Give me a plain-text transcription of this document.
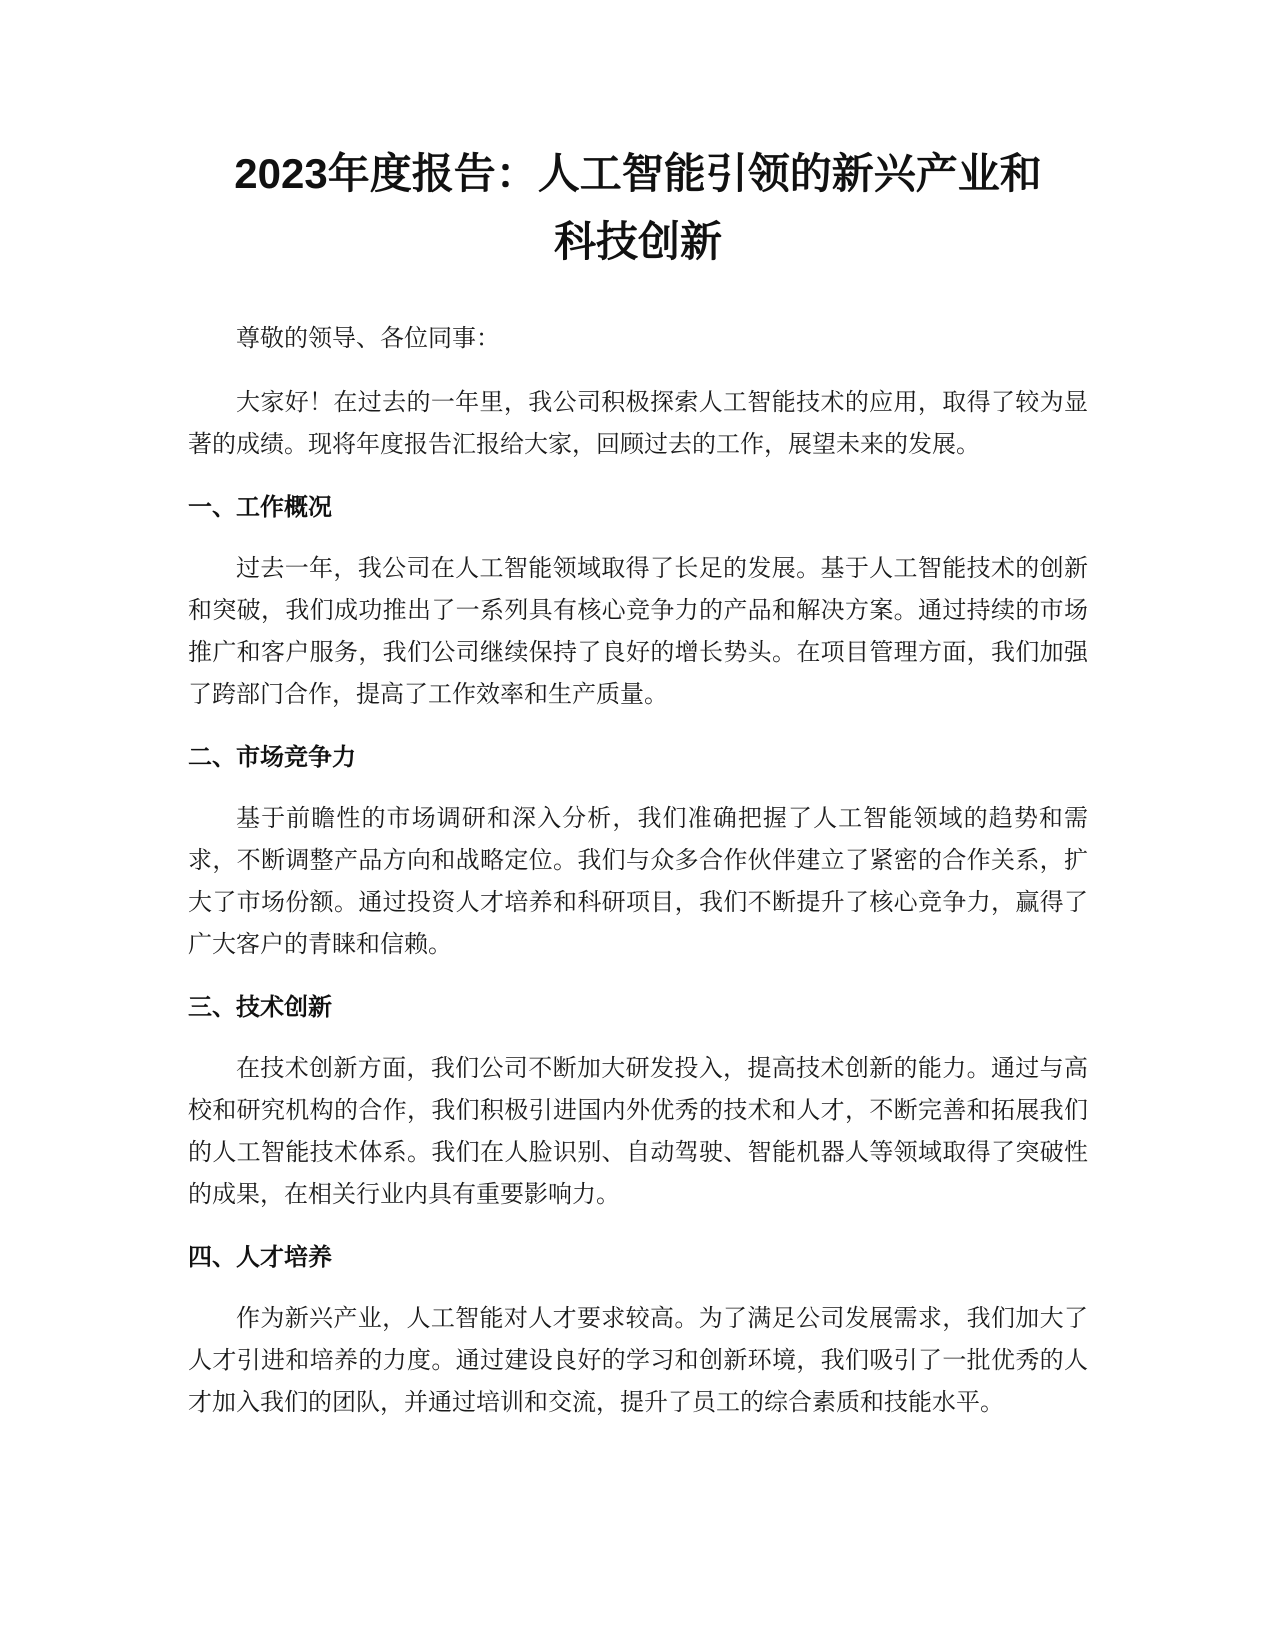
2023年度报告：人工智能引领的新兴产业和
科技创新

尊敬的领导、各位同事：

大家好！在过去的一年里，我公司积极探索人工智能技术的应用，取得了较为显著的成绩。现将年度报告汇报给大家，回顾过去的工作，展望未来的发展。

一、工作概况

过去一年，我公司在人工智能领域取得了长足的发展。基于人工智能技术的创新和突破，我们成功推出了一系列具有核心竞争力的产品和解决方案。通过持续的市场推广和客户服务，我们公司继续保持了良好的增长势头。在项目管理方面，我们加强了跨部门合作，提高了工作效率和生产质量。

二、市场竞争力

基于前瞻性的市场调研和深入分析，我们准确把握了人工智能领域的趋势和需求，不断调整产品方向和战略定位。我们与众多合作伙伴建立了紧密的合作关系，扩大了市场份额。通过投资人才培养和科研项目，我们不断提升了核心竞争力，赢得了广大客户的青睐和信赖。

三、技术创新

在技术创新方面，我们公司不断加大研发投入，提高技术创新的能力。通过与高校和研究机构的合作，我们积极引进国内外优秀的技术和人才，不断完善和拓展我们的人工智能技术体系。我们在人脸识别、自动驾驶、智能机器人等领域取得了突破性的成果，在相关行业内具有重要影响力。

四、人才培养

作为新兴产业，人工智能对人才要求较高。为了满足公司发展需求，我们加大了人才引进和培养的力度。通过建设良好的学习和创新环境，我们吸引了一批优秀的人才加入我们的团队，并通过培训和交流，提升了员工的综合素质和技能水平。
